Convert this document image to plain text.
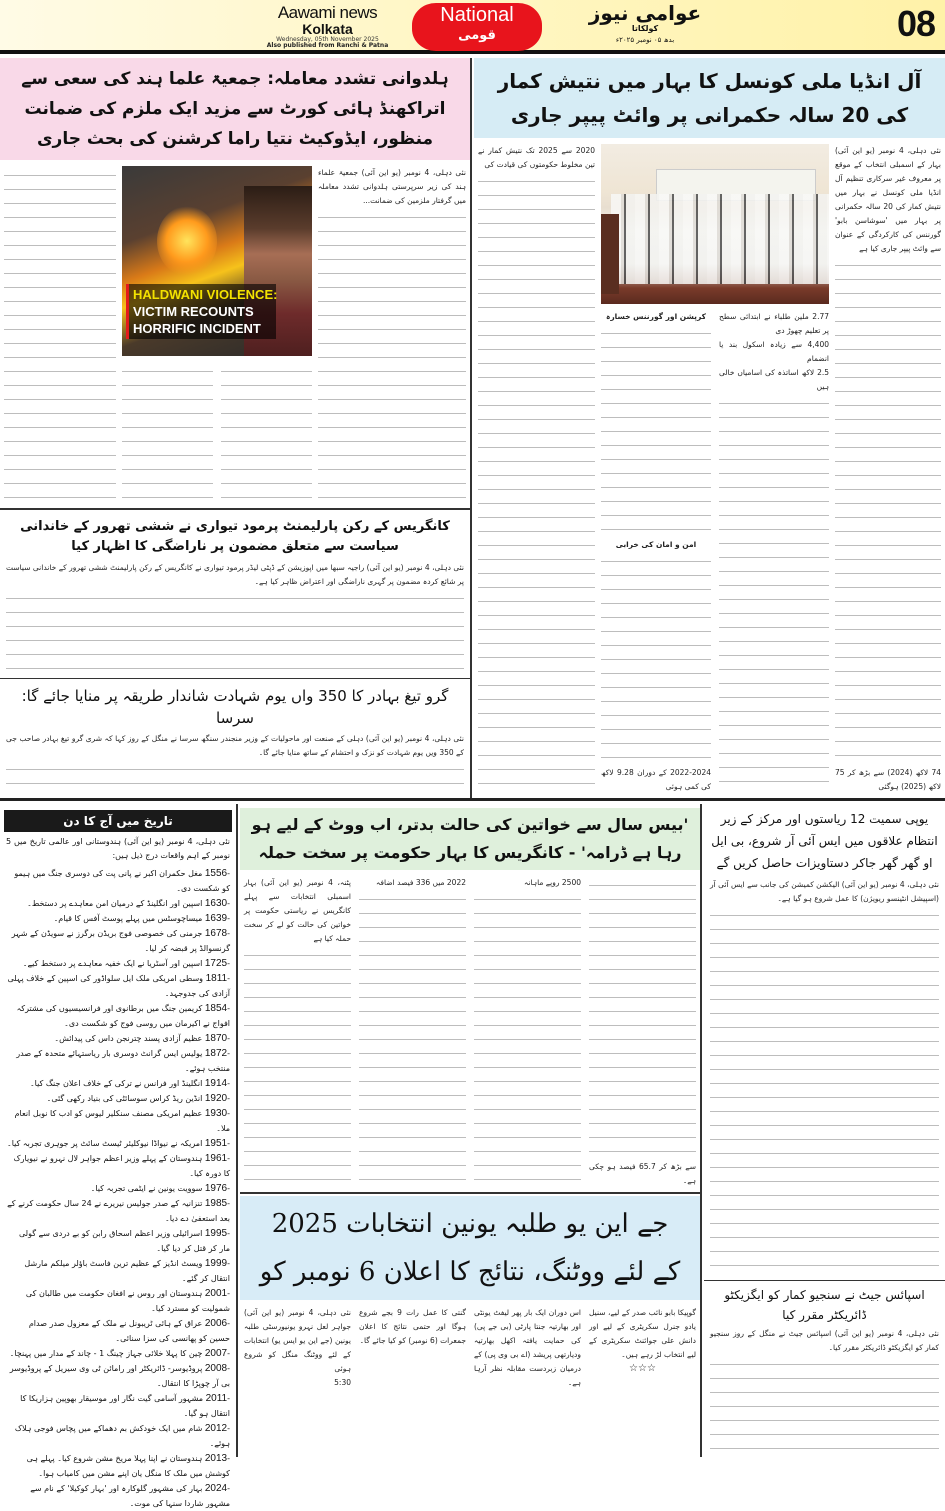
Aawami news
Kolkata
Wednesday, 05th November 2025
Also published from Ranchi & Patna
National
قومی
عوامی نیوز
کولکاتا
بدھ ۰۵ نومبر ۲۰۲۵ء	08
ہلدوانی تشدد معاملہ: جمعیۃ علما ہند کی سعی سے اتراکھنڈ ہائی کورٹ سے مزید ایک ملزم کی ضمانت منظور، ایڈوکیٹ نتیا راما کرشنن کی بحث جاری

نئی دہلی، 4 نومبر (یو این آئی) جمعیۃ علماء ہند کی زیر سرپرستی ہلدوانی تشدد معاملہ میں گرفتار ملزمین کی ضمانت...

HALDWANI VIOLENCE:
VICTIM RECOUNTS
HORRIFIC INCIDENT
کانگریس کے رکن پارلیمنٹ پرمود تیواری نے ششی تھرور کے خاندانی سیاست سے متعلق مضمون پر ناراضگی کا اظہار کیا

نئی دہلی، 4 نومبر (یو این آئی) راجیہ سبھا میں اپوزیشن کے ڈپٹی لیڈر پرمود تیواری نے کانگریس کے رکن پارلیمنٹ ششی تھرور کے خاندانی سیاست پر شائع کردہ مضمون پر گہری ناراضگی اور اعتراض ظاہر کیا ہے۔

گرو تیغ بہادر کا 350 واں یوم شہادت شاندار طریقہ پر منایا جائے گا: سرسا

نئی دہلی، 4 نومبر (یو این آئی) دہلی کے صنعت اور ماحولیات کے وزیر منجندر سنگھ سرسا نے منگل کے روز کہا کہ شری گرو تیغ بہادر صاحب جی کے 350 ویں یوم شہادت کو نزک و احتشام کے ساتھ منایا جائے گا۔

آل انڈیا ملی کونسل کا بہار میں نتیش کمار کی 20 سالہ حکمرانی پر وائٹ پیپر جاری

نئی دہلی، 4 نومبر (یو این آئی) بہار کے اسمبلی انتخاب کے موقع پر معروف غیر سرکاری تنظیم آل انڈیا ملی کونسل نے بہار میں نتیش کمار کی 20 سالہ حکمرانی پر بہار میں 'سوشاسن بابو' گورننس کی کارکردگی کے عنوان سے وائٹ پیپر جاری کیا ہے

74 لاکھ (2024) سے بڑھ کر 75 لاکھ (2025) ہوگئی

کرپشن اور گورننس خسارہ

امن و امان کی خرابی

2022-2024 کے دوران 9.28 لاکھ کی کمی ہوئی

2.77 ملین طلباء نے ابتدائی سطح پر تعلیم چھوڑ دی

4,400 سے زیادہ اسکول بند یا انضمام

2.5 لاکھ اساتذہ کی اسامیاں خالی ہیں

2020 سے 2025 تک نتیش کمار نے تین مخلوط حکومتوں کی قیادت کی

تاریخ میں آج کا دن

نئی دہلی، 4 نومبر (یو این آئی) ہندوستانی اور عالمی تاریخ میں 5 نومبر کے اہم واقعات درج ذیل ہیں:

-1556 مغل حکمران اکبر نے پانی پت کی دوسری جنگ میں ہیمو کو شکست دی۔
-1630 اسپین اور انگلینڈ کے درمیان امن معاہدے پر دستخط۔
-1639 میساچوسٹس میں پہلے پوسٹ آفس کا قیام۔
-1678 جرمنی کی خصوصی فوج بریڈن برگرز نے سویڈن کے شہر گرنسوالڈ پر قبضہ کر لیا۔
-1725 اسپین اور آسٹریا نے ایک خفیہ معاہدے پر دستخط کیے۔
-1811 وسطی امریکی ملک ایل سلواڈور کی اسپین کے خلاف پہلی آزادی کی جدوجہد۔
-1854 کریمین جنگ میں برطانوی اور فرانسیسیوں کی مشترکہ افواج نے اکیرمان میں روسی فوج کو شکست دی۔
-1870 عظیم آزادی پسند چترنجن داس کی پیدائش۔
-1872 یولیس ایس گرانٹ دوسری بار ریاستہائے متحدہ کے صدر منتخب ہوئے۔
-1914 انگلینڈ اور فرانس نے ترکی کے خلاف اعلان جنگ کیا۔
-1920 انڈین ریڈ کراس سوسائٹی کی بنیاد رکھی گئی۔
-1930 عظیم امریکی مصنف سنکلیر لیوس کو ادب کا نوبل انعام ملا۔
-1951 امریکہ نے نیواڈا نیوکلیئر ٹیسٹ سائٹ پر جوہری تجربہ کیا۔
-1961 ہندوستان کے پہلے وزیر اعظم جواہر لال نہرو نے نیویارک کا دورہ کیا۔
-1976 سوویت یونین نے ایٹمی تجربہ کیا۔
-1985 تنزانیہ کے صدر جولیس نیریرے نے 24 سال حکومت کرنے کے بعد استعفیٰ دے دیا۔
-1995 اسرائیلی وزیر اعظم اسحاق رابن کو بے دردی سے گولی مار کر قتل کر دیا گیا۔
-1999 ویسٹ انڈیز کے عظیم ترین فاسٹ باؤلر میلکم مارشل انتقال کر گئے۔
-2001 ہندوستان اور روس نے افغان حکومت میں طالبان کی شمولیت کو مسترد کیا۔
-2006 عراق کے ہائی ٹریبونل نے ملک کے معزول صدر صدام حسین کو پھانسی کی سزا سنائی۔
-2007 چین کا پہلا خلائی جہاز چینگ 1 - چاند کے مدار میں پہنچا۔
-2008 پروڈیوسر- ڈائریکٹر اور رامائن ٹی وی سیریل کے پروڈیوسر بی آر چوپڑا کا انتقال۔
-2011 مشہور آسامی گیت نگار اور موسیقار بھوپین ہزاریکا کا انتقال ہو گیا۔
-2012 شام میں ایک خودکش بم دھماکے میں پچاس فوجی ہلاک ہوئے۔
-2013 ہندوستان نے اپنا پہلا مریخ مشن شروع کیا۔ پہلے ہی کوشش میں ملک کا منگل یان اپنے مشن میں کامیاب ہوا۔
-2024 بہار کی مشہور گلوکارہ اور 'بہار کوکیلا' کے نام سے مشہور شاردا سنہا کی موت۔
'بیس سال سے خواتین کی حالت بدتر، اب ووٹ کے لیے ہو رہا ہے ڈرامہ' - کانگریس کا بہار حکومت پر سخت حملہ

پٹنہ، 4 نومبر (یو این آئی) بہار اسمبلی انتخابات سے پہلے کانگریس نے ریاستی حکومت پر خواتین کی حالت کو لے کر سخت حملہ کیا ہے

2022 میں 336 فیصد اضافہ	2500 روپے ماہانہ

سے بڑھ کر 65.7 فیصد ہو چکی ہے۔

جے این یو طلبہ یونین انتخابات 2025
کے لئے ووٹنگ، نتائج کا اعلان 6 نومبر کو

نئی دہلی، 4 نومبر (یو این آئی) جواہر لعل نہرو یونیورسٹی طلبہ یونین (جے این یو ایس یو) انتخابات کے لئے ووٹنگ منگل کو شروع ہوئی

5:30

گنتی کا عمل رات 9 بجے شروع ہوگا اور حتمی نتائج کا اعلان جمعرات (6 نومبر) کو کیا جائے گا۔

اس دوران ایک بار پھر لیفٹ یونٹی اور بھارتیہ جنتا پارٹی (بی جے پی) کی حمایت یافتہ اکھل بھارتیہ ودیارتھی پریشد (اے بی وی پی) کے درمیان زبردست مقابلہ نظر آرہا ہے۔

گوپیکا بابو نائب صدر کے لیے، سنیل یادو جنرل سکریٹری کے لیے اور دانش علی جوائنٹ سکریٹری کے لیے انتخاب لڑ رہے ہیں۔

☆☆☆

یوپی سمیت 12 ریاستوں اور مرکز کے زیر انتظام علاقوں میں ایس آئی آر شروع، بی ایل او گھر گھر جاکر دستاویزات حاصل کریں گے

نئی دہلی، 4 نومبر (یو این آئی) الیکشن کمیشن کی جانب سے ایس آئی آر (اسپیشل انٹینسو ریویژن) کا عمل شروع ہو گیا ہے۔

اسپائس جیٹ نے سنجیو کمار کو ایگزیکٹو ڈائریکٹر مقرر کیا

نئی دہلی، 4 نومبر (یو این آئی) اسپائس جیٹ نے منگل کے روز سنجیو کمار کو ایگزیکٹو ڈائریکٹر مقرر کیا۔
